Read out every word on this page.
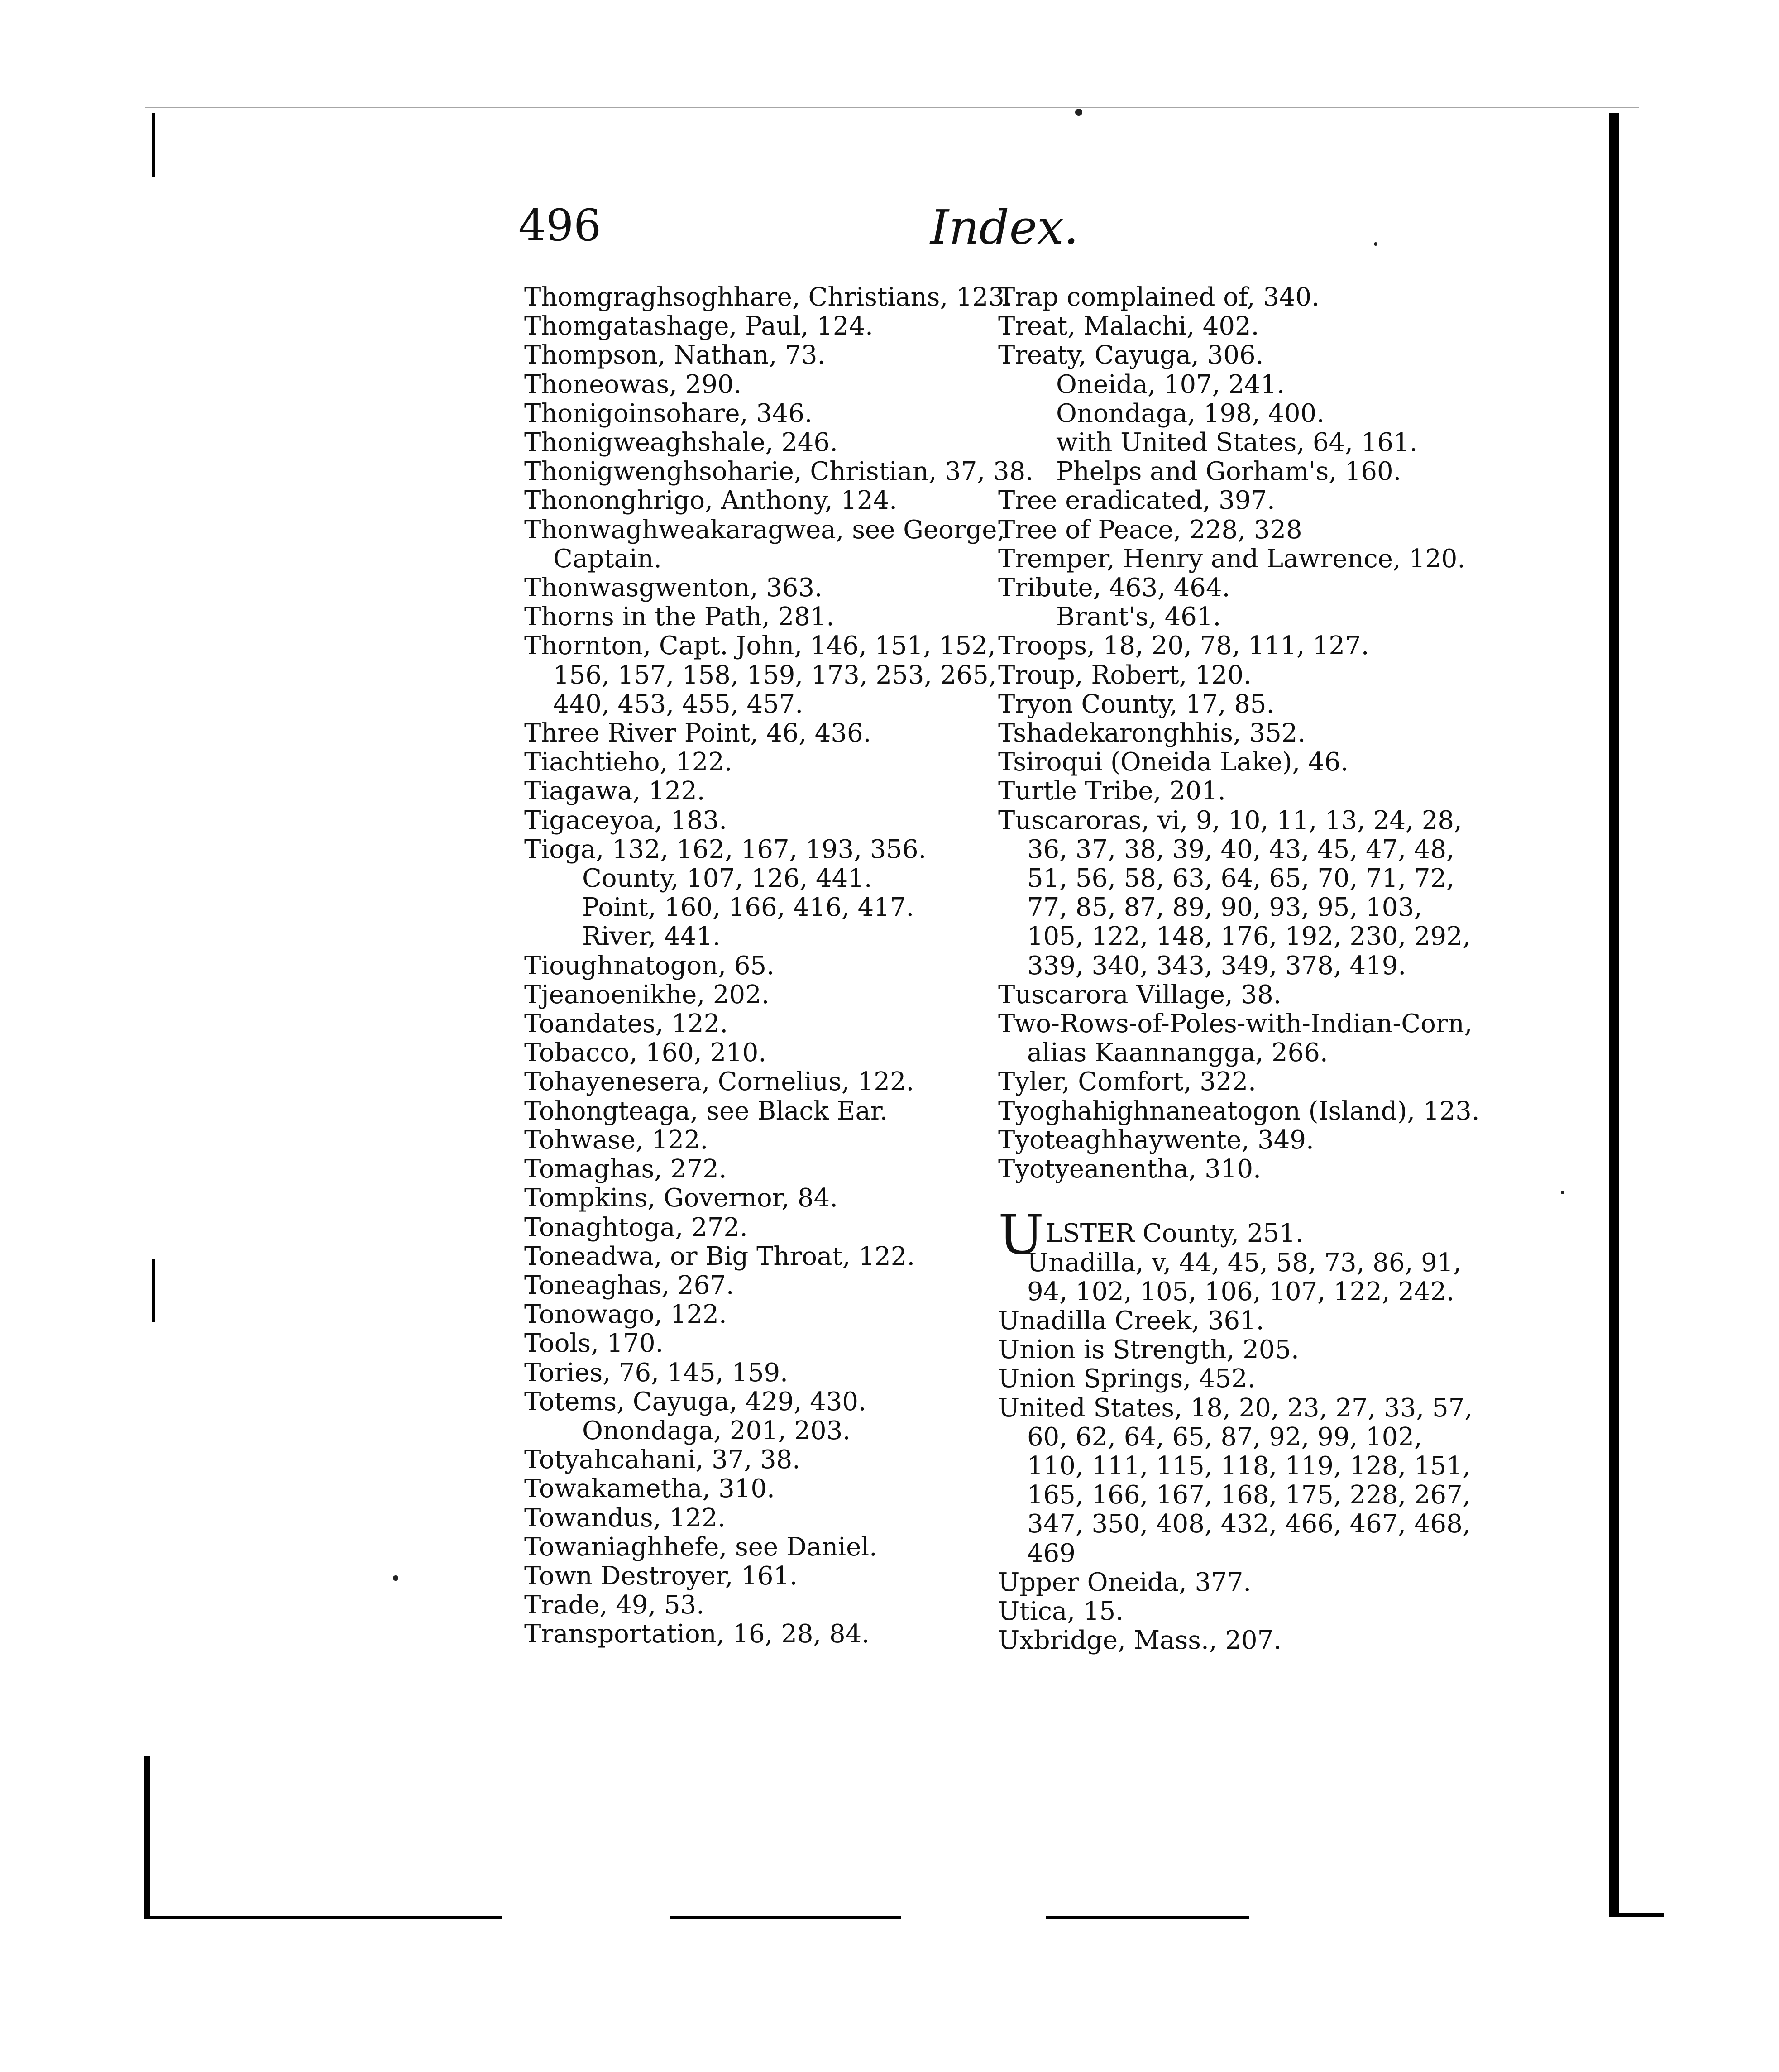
496	Index.
Thomgraghsoghhare, Christians, 123.
Thomgatashage, Paul, 124.
Thompson, Nathan, 73.
Thoneowas, 290.
Thonigoinsohare, 346.
Thonigweaghshale, 246.
Thonigwenghsoharie, Christian, 37, 38.
Thononghrigo, Anthony, 124.
Thonwaghweakaragwea, see George,
Captain.
Thonwasgwenton, 363.
Thorns in the Path, 281.
Thornton, Capt. John, 146, 151, 152,
156, 157, 158, 159, 173, 253, 265,
440, 453, 455, 457.
Three River Point, 46, 436.
Tiachtieho, 122.
Tiagawa, 122.
Tigaceyoa, 183.
Tioga, 132, 162, 167, 193, 356.
County, 107, 126, 441.
Point, 160, 166, 416, 417.
River, 441.
Tioughnatogon, 65.
Tjeanoenikhe, 202.
Toandates, 122.
Tobacco, 160, 210.
Tohayenesera, Cornelius, 122.
Tohongteaga, see Black Ear.
Tohwase, 122.
Tomaghas, 272.
Tompkins, Governor, 84.
Tonaghtoga, 272.
Toneadwa, or Big Throat, 122.
Toneaghas, 267.
Tonowago, 122.
Tools, 170.
Tories, 76, 145, 159.
Totems, Cayuga, 429, 430.
Onondaga, 201, 203.
Totyahcahani, 37, 38.
Towakametha, 310.
Towandus, 122.
Towaniaghhefe, see Daniel.
Town Destroyer, 161.
Trade, 49, 53.
Transportation, 16, 28, 84.
Trap complained of, 340.
Treat, Malachi, 402.
Treaty, Cayuga, 306.
Oneida, 107, 241.
Onondaga, 198, 400.
with United States, 64, 161.
Phelps and Gorham's, 160.
Tree eradicated, 397.
Tree of Peace, 228, 328
Tremper, Henry and Lawrence, 120.
Tribute, 463, 464.
Brant's, 461.
Troops, 18, 20, 78, 111, 127.
Troup, Robert, 120.
Tryon County, 17, 85.
Tshadekaronghhis, 352.
Tsiroqui (Oneida Lake), 46.
Turtle Tribe, 201.
Tuscaroras, vi, 9, 10, 11, 13, 24, 28,
36, 37, 38, 39, 40, 43, 45, 47, 48,
51, 56, 58, 63, 64, 65, 70, 71, 72,
77, 85, 87, 89, 90, 93, 95, 103,
105, 122, 148, 176, 192, 230, 292,
339, 340, 343, 349, 378, 419.
Tuscarora Village, 38.
Two-Rows-of-Poles-with-Indian-Corn,
alias Kaannangga, 266.
Tyler, Comfort, 322.
Tyoghahighnaneatogon (Island), 123.
Tyoteaghhaywente, 349.
Tyotyeanentha, 310.
ULSTER County, 251.
Unadilla, v, 44, 45, 58, 73, 86, 91,
94, 102, 105, 106, 107, 122, 242.
Unadilla Creek, 361.
Union is Strength, 205.
Union Springs, 452.
United States, 18, 20, 23, 27, 33, 57,
60, 62, 64, 65, 87, 92, 99, 102,
110, 111, 115, 118, 119, 128, 151,
165, 166, 167, 168, 175, 228, 267,
347, 350, 408, 432, 466, 467, 468,
469
Upper Oneida, 377.
Utica, 15.
Uxbridge, Mass., 207.
